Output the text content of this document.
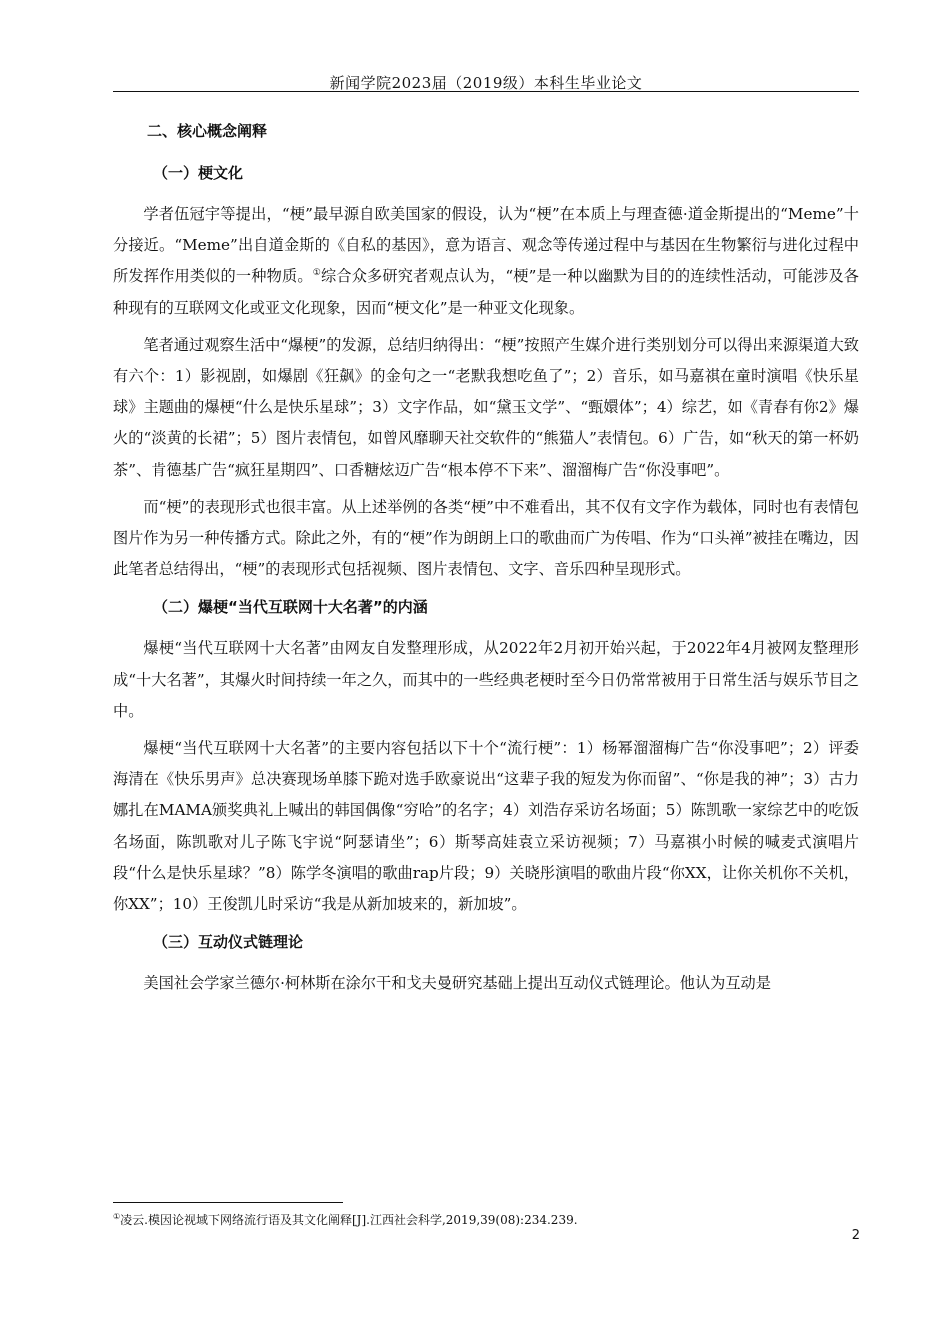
新闻学院2023届（2019级）本科生毕业论文
二、核心概念阐释
（一）梗文化

学者伍冠宇等提出，“梗”最早源自欧美国家的假设，认为“梗”在本质上与理查德·道金斯提出的“Meme”十分接近。“Meme”出自道金斯的《自私的基因》，意为语言、观念等传递过程中与基因在生物繁衍与进化过程中所发挥作用类似的一种物质。①综合众多研究者观点认为，“梗”是一种以幽默为目的的连续性活动，可能涉及各种现有的互联网文化或亚文化现象，因而“梗文化”是一种亚文化现象。

笔者通过观察生活中“爆梗”的发源，总结归纳得出：“梗”按照产生媒介进行类别划分可以得出来源渠道大致有六个：1）影视剧，如爆剧《狂飙》的金句之一“老默我想吃鱼了”；2）音乐，如马嘉祺在童时演唱《快乐星球》主题曲的爆梗“什么是快乐星球”；3）文字作品，如“黛玉文学”、“甄嬛体”；4）综艺，如《青春有你2》爆火的“淡黄的长裙”；5）图片表情包，如曾风靡聊天社交软件的“熊猫人”表情包。6）广告，如“秋天的第一杯奶茶”、肯德基广告“疯狂星期四”、口香糖炫迈广告“根本停不下来”、溜溜梅广告“你没事吧”。

而“梗”的表现形式也很丰富。从上述举例的各类“梗”中不难看出，其不仅有文字作为载体，同时也有表情包图片作为另一种传播方式。除此之外，有的“梗”作为朗朗上口的歌曲而广为传唱、作为“口头禅”被挂在嘴边，因此笔者总结得出，“梗”的表现形式包括视频、图片表情包、文字、音乐四种呈现形式。

（二）爆梗“当代互联网十大名著”的内涵

爆梗“当代互联网十大名著”由网友自发整理形成，从2022年2月初开始兴起，于2022年4月被网友整理形成“十大名著”，其爆火时间持续一年之久，而其中的一些经典老梗时至今日仍常常被用于日常生活与娱乐节目之中。

爆梗“当代互联网十大名著”的主要内容包括以下十个“流行梗”：1）杨幂溜溜梅广告“你没事吧”；2）评委海清在《快乐男声》总决赛现场单膝下跪对选手欧豪说出“这辈子我的短发为你而留”、“你是我的神”；3）古力娜扎在MAMA颁奖典礼上喊出的韩国偶像“穷哈”的名字；4）刘浩存采访名场面；5）陈凯歌一家综艺中的吃饭名场面，陈凯歌对儿子陈飞宇说“阿瑟请坐”；6）斯琴高娃袁立采访视频；7）马嘉祺小时候的喊麦式演唱片段“什么是快乐星球？”8）陈学冬演唱的歌曲rap片段；9）关晓彤演唱的歌曲片段“你XX，让你关机你不关机，你XX”；10）王俊凯儿时采访“我是从新加坡来的，新加坡”。

（三）互动仪式链理论

美国社会学家兰德尔·柯林斯在涂尔干和戈夫曼研究基础上提出互动仪式链理论。他认为互动是

①凌云.模因论视域下网络流行语及其文化阐释[J].江西社会科学,2019,39(08):234.239.
2
